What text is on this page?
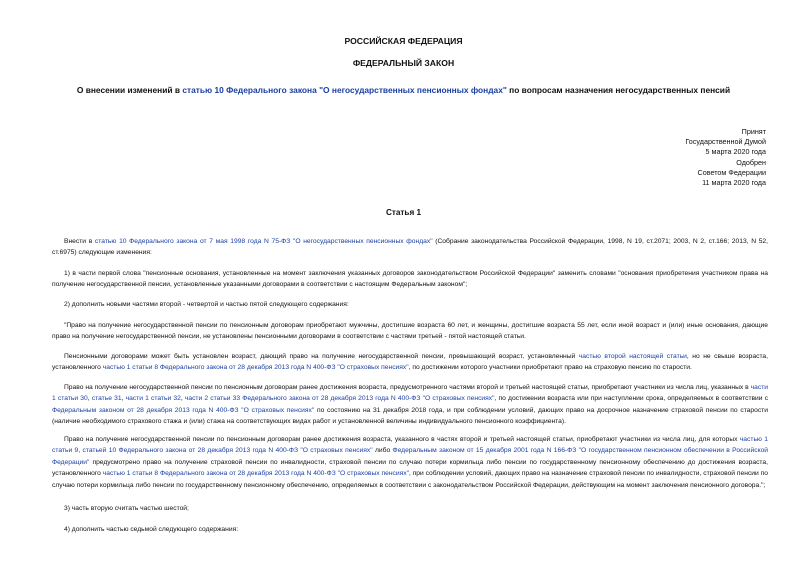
РОССИЙСКАЯ ФЕДЕРАЦИЯ
ФЕДЕРАЛЬНЫЙ ЗАКОН
О внесении изменений в статью 10 Федерального закона "О негосударственных пенсионных фондах" по вопросам назначения негосударственных пенсий
Принят
Государственной Думой
5 марта 2020 года
Одобрен
Советом Федерации
11 марта 2020 года
Статья 1

Внести в статью 10 Федерального закона от 7 мая 1998 года N 75-ФЗ "О негосударственных пенсионных фондах" (Собрание законодательства Российской Федерации, 1998, N 19, ст.2071; 2003, N 2, ст.166; 2013, N 52, ст.6975) следующие изменения:

1) в части первой слова "пенсионные основания, установленные на момент заключения указанных договоров законодательством Российской Федерации" заменить словами "основания приобретения участником права на получение негосударственной пенсии, установленные указанными договорами в соответствии с настоящим Федеральным законом";

2) дополнить новыми частями второй - четвертой и частью пятой следующего содержания:

"Право на получение негосударственной пенсии по пенсионным договорам приобретают мужчины, достигшие возраста 60 лет, и женщины, достигшие возраста 55 лет, если иной возраст и (или) иные основания, дающие право на получение негосударственной пенсии, не установлены пенсионными договорами в соответствии с частями третьей - пятой настоящей статьи.

Пенсионными договорами может быть установлен возраст, дающий право на получение негосударственной пенсии, превышающий возраст, установленный частью второй настоящей статьи, но не свыше возраста, установленного частью 1 статьи 8 Федерального закона от 28 декабря 2013 года N 400-ФЗ "О страховых пенсиях", по достижении которого участники приобретают право на страховую пенсию по старости.

Право на получение негосударственной пенсии по пенсионным договорам ранее достижения возраста, предусмотренного частями второй и третьей настоящей статьи, приобретают участники из числа лиц, указанных в части 1 статьи 30, статье 31, части 1 статьи 32, части 2 статьи 33 Федерального закона от 28 декабря 2013 года N 400-ФЗ "О страховых пенсиях", по достижении возраста или при наступлении срока, определяемых в соответствии с Федеральным законом от 28 декабря 2013 года N 400-ФЗ "О страховых пенсиях" по состоянию на 31 декабря 2018 года, и при соблюдении условий, дающих право на досрочное назначение страховой пенсии по старости (наличие необходимого страхового стажа и (или) стажа на соответствующих видах работ и установленной величины индивидуального пенсионного коэффициента).

Право на получение негосударственной пенсии по пенсионным договорам ранее достижения возраста, указанного в частях второй и третьей настоящей статьи, приобретают участники из числа лиц, для которых частью 1 статьи 9, статьей 10 Федерального закона от 28 декабря 2013 года N 400-ФЗ "О страховых пенсиях" либо Федеральным законом от 15 декабря 2001 года N 166-ФЗ "О государственном пенсионном обеспечении в Российской Федерации" предусмотрено право на получение страховой пенсии по инвалидности, страховой пенсии по случаю потери кормильца либо пенсии по государственному пенсионному обеспечению до достижения возраста, установленного частью 1 статьи 8 Федерального закона от 28 декабря 2013 года N 400-ФЗ "О страховых пенсиях", при соблюдении условий, дающих право на назначение страховой пенсии по инвалидности, страховой пенсии по случаю потери кормильца либо пенсии по государственному пенсионному обеспечению, определяемых в соответствии с законодательством Российской Федерации, действующим на момент заключения пенсионного договора.";

3) часть вторую считать частью шестой;

4) дополнить частью седьмой следующего содержания:
